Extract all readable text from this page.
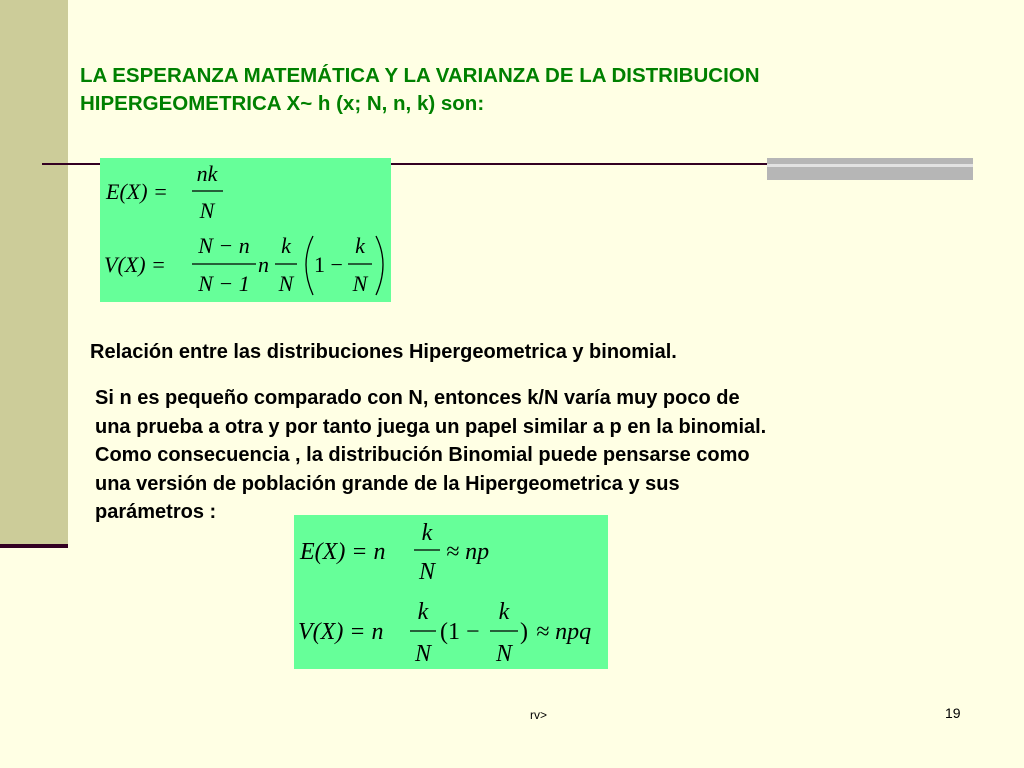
LA ESPERANZA MATEMÁTICA Y LA VARIANZA DE LA DISTRIBUCION
HIPERGEOMETRICA X~ h (x; N, n, k) son:
E(X) =
nk
N
V(X) =
N − n
N − 1
n
k
N
1 −
k
N

Relación entre las distribuciones Hipergeometrica y binomial.

Si n es pequeño comparado con N, entonces k/N varía muy poco de
una prueba a otra y por tanto juega un papel similar a p en la binomial.
Como consecuencia , la distribución Binomial puede pensarse como
una versión de población grande de la Hipergeometrica y sus
parámetros :
E(X) = n
k
N
≈ np
V(X) = n
k
N
(1 −
k
N
) ≈ npq
rv>	19
